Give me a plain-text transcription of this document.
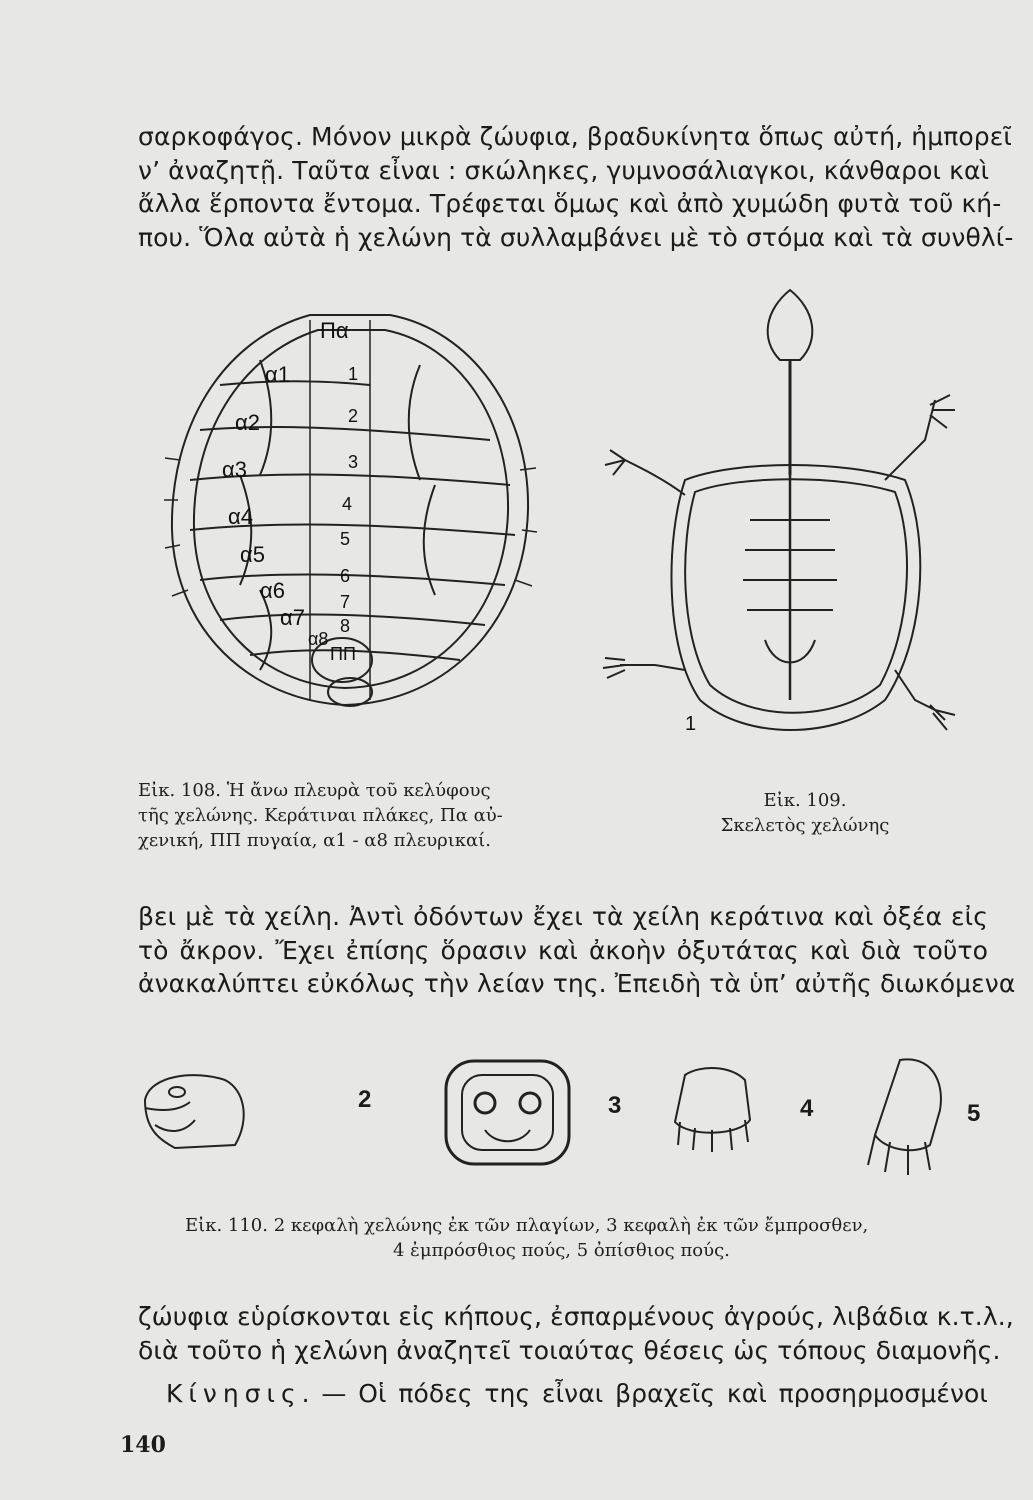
σαρκοφάγος. Μόνον μικρὰ ζώυφια, βραδυκίνητα ὅπως αὐτή, ἠμπορεῖ
ν’ ἀναζητῇ. Ταῦτα εἶναι : σκώληκες, γυμνοσάλιαγκοι, κάνθαροι καὶ
ἄλλα ἕρποντα ἔντομα. Τρέφεται ὅμως καὶ ἀπὸ χυμώδη φυτὰ τοῦ κή-
που. Ὅλα αὐτὰ ἡ χελώνη τὰ συλλαμβάνει μὲ τὸ στόμα καὶ τὰ συνθλί-
Πα
α1
α2
α3
α4
α5
α6
α7
α8
1
2
3
4
5
6
7
8
ΠΠ
1
Εἰκ. 108. Ἡ ἄνω πλευρὰ τοῦ κελύφους
τῆς χελώνης. Κεράτιναι πλάκες, Πα αὐ-
χενική, ΠΠ πυγαία, α1 - α8 πλευρικαί.
Εἰκ. 109.
Σκελετὸς χελώνης
βει μὲ τὰ χείλη. Ἀντὶ ὀδόντων ἔχει τὰ χείλη κεράτινα καὶ ὀξέα εἰς
τὸ ἄκρον. Ἔχει ἐπίσης ὅρασιν καὶ ἀκοὴν ὀξυτάτας καὶ διὰ τοῦτο
ἀνακαλύπτει εὐκόλως τὴν λείαν της. Ἐπειδὴ τὰ ὑπ’ αὐτῆς διωκόμενα
2	3	4	5
Εἰκ. 110. 2 κεφαλὴ χελώνης ἐκ τῶν πλαγίων, 3 κεφαλὴ ἐκ τῶν ἔμπροσθεν,
4 ἐμπρόσθιος πούς, 5 ὀπίσθιος πούς.
ζώυφια εὑρίσκονται εἰς κήπους, ἐσπαρμένους ἀγρούς, λιβάδια κ.τ.λ.,
διὰ τοῦτο ἡ χελώνη ἀναζητεῖ τοιαύτας θέσεις ὡς τόπους διαμονῆς.
Κίνησις. — Οἱ πόδες της εἶναι βραχεῖς καὶ προσηρμοσμένοι
140
